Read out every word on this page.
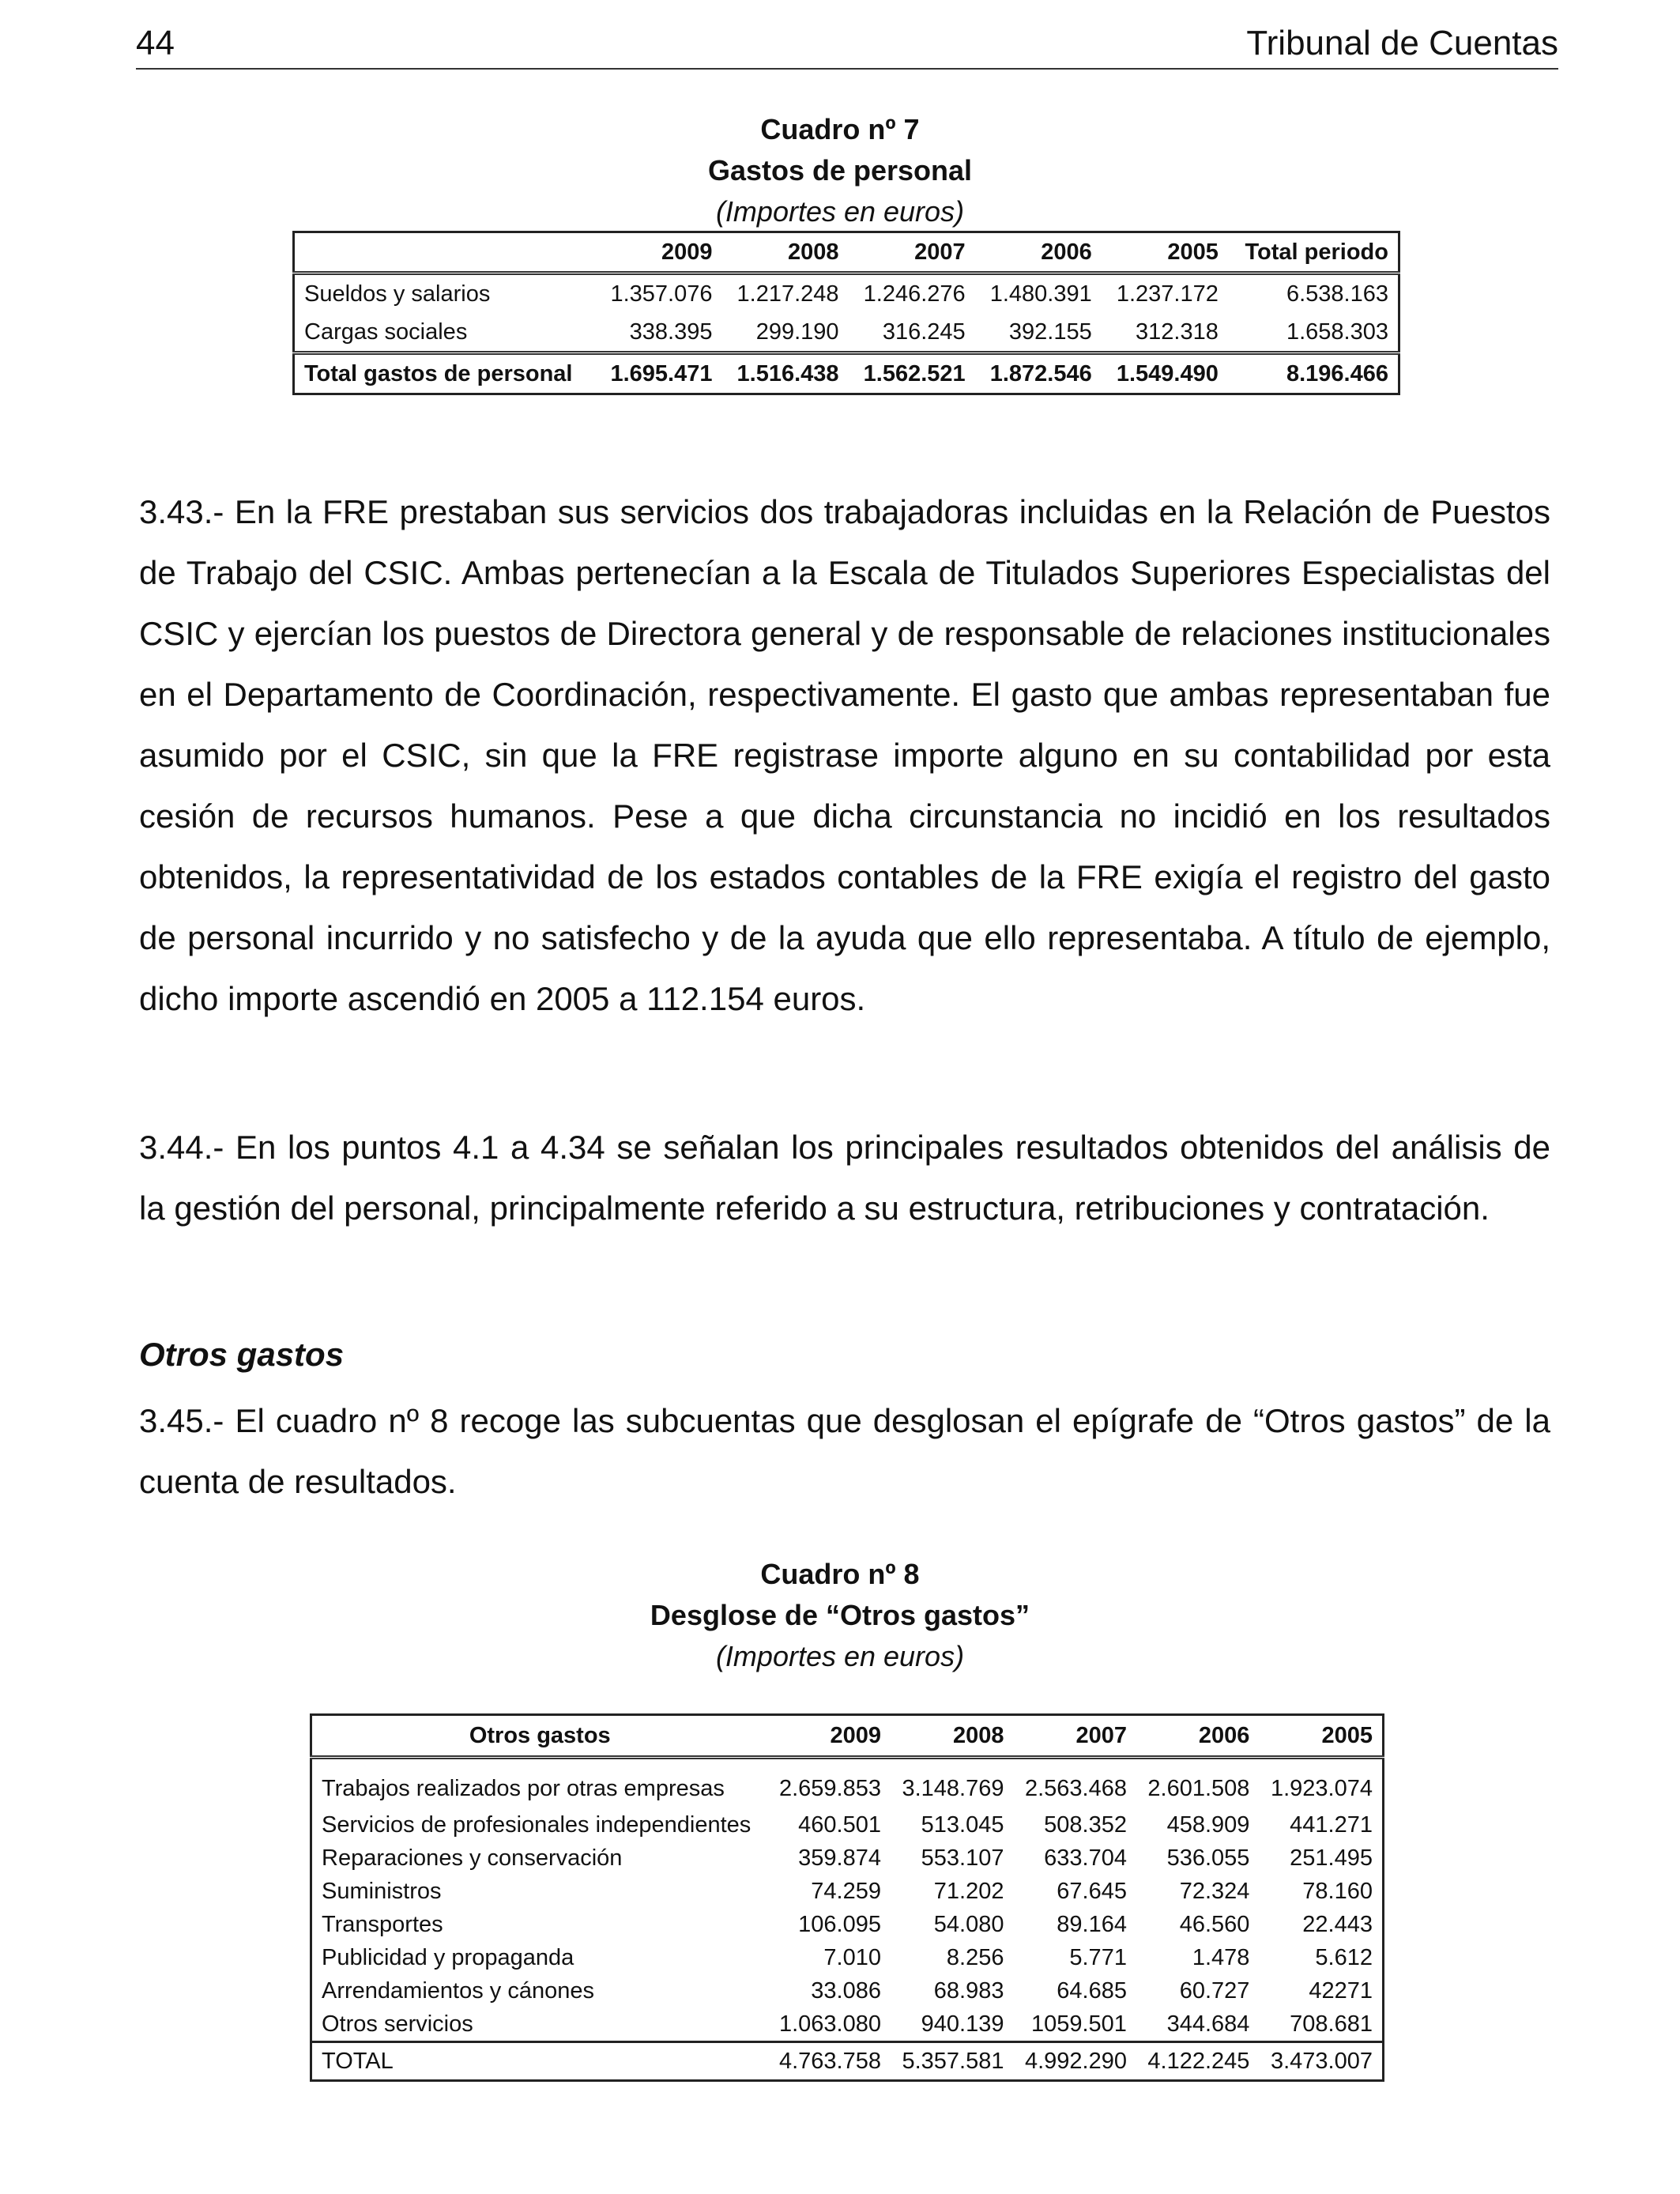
44	Tribunal de Cuentas
Cuadro nº 7
Gastos de personal
(Importes en euros)
	2009	2008	2007	2006	2005	Total periodo
Sueldos y salarios	1.357.076	1.217.248	1.246.276	1.480.391	1.237.172	6.538.163
Cargas sociales	338.395	299.190	316.245	392.155	312.318	1.658.303
Total gastos de personal	1.695.471	1.516.438	1.562.521	1.872.546	1.549.490	8.196.466

3.43.- En la FRE prestaban sus servicios dos trabajadoras incluidas en la Relación de Puestos de Trabajo del CSIC. Ambas pertenecían a la Escala de Titulados Superiores Especialistas del CSIC y ejercían los puestos de Directora general y de responsable de relaciones institucionales en el Departamento de Coordinación, respectivamente. El gasto que ambas representaban fue asumido por el CSIC, sin que la FRE registrase importe alguno en su contabilidad por esta cesión de recursos humanos. Pese a que dicha circunstancia no incidió en los resultados obtenidos, la representatividad de los estados contables de la FRE exigía el registro del gasto de personal incurrido y no satisfecho y de la ayuda que ello representaba. A título de ejemplo, dicho importe ascendió en 2005 a 112.154 euros.

3.44.- En los puntos 4.1 a 4.34 se señalan los principales resultados obtenidos del análisis de la gestión del personal, principalmente referido a su estructura, retribuciones y contratación.

Otros gastos

3.45.- El cuadro nº 8 recoge las subcuentas que desglosan el epígrafe de “Otros gastos” de la cuenta de resultados.

Cuadro nº 8
Desglose de “Otros gastos”
(Importes en euros)
Otros gastos	2009	2008	2007	2006	2005
Trabajos realizados por otras empresas	2.659.853	3.148.769	2.563.468	2.601.508	1.923.074
Servicios de profesionales independientes	460.501	513.045	508.352	458.909	441.271
Reparaciones y conservación	359.874	553.107	633.704	536.055	251.495
Suministros	74.259	71.202	67.645	72.324	78.160
Transportes	106.095	54.080	89.164	46.560	22.443
Publicidad y propaganda	7.010	8.256	5.771	1.478	5.612
Arrendamientos y cánones	33.086	68.983	64.685	60.727	42271
Otros servicios	1.063.080	940.139	1059.501	344.684	708.681
TOTAL	4.763.758	5.357.581	4.992.290	4.122.245	3.473.007
